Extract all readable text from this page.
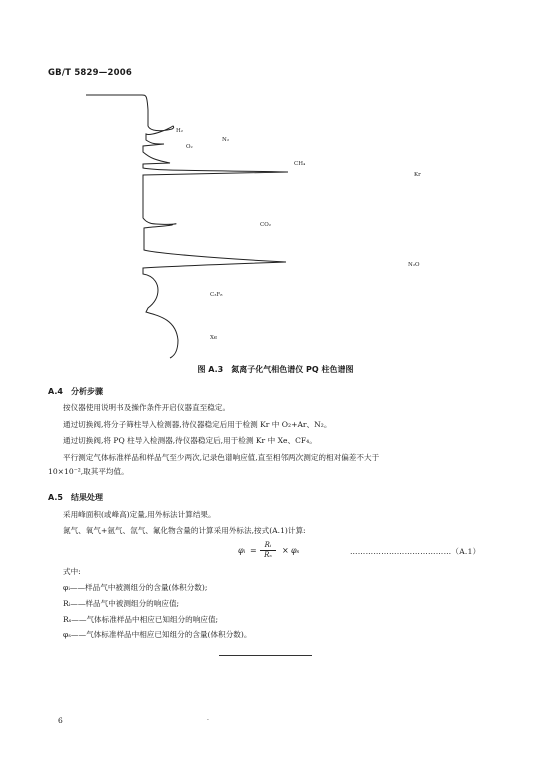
GB/T 5829—2006
H₂
O₂
N₂
CH₄
Kr
CO₂
N₂O
C₃F₈
Xe
图 A.3　氮离子化气相色谱仪 PQ 柱色谱图
A.4　分析步骤
按仪器使用说明书及操作条件开启仪器直至稳定。
通过切换阀,将分子筛柱导入检测器,待仪器稳定后用于检测 Kr 中 O₂+Ar、N₂。
通过切换阀,将 PQ 柱导入检测器,待仪器稳定后,用于检测 Kr 中 Xe、CF₄。
平行测定气体标准样品和样品气至少两次,记录色谱响应值,直至相邻两次测定的相对偏差不大于
10×10⁻²,取其平均值。
A.5　结果处理
采用峰面积(或峰高)定量,用外标法计算结果。
氮气、氧气+氩气、氙气、氟化物含量的计算采用外标法,按式(A.1)计算:
φᵢ =
Rᵢ
Rₛ	× φₛ	…………………………………（A.1）
式中:
φᵢ——样品气中被测组分的含量(体积分数);
Rᵢ——样品气中被测组分的响应值;
Rₛ——气体标准样品中相应已知组分的响应值;
φₛ——气体标准样品中相应已知组分的含量(体积分数)。
6	.
